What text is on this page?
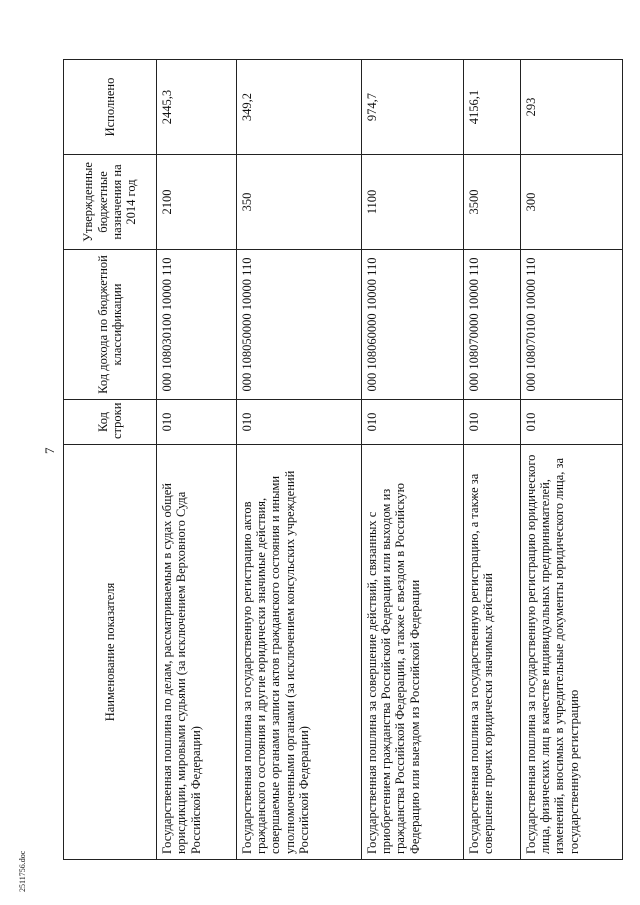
7
2511756.doc
Наименование показателя	Код строки	Код дохода по бюджетной классификации	Утвержденные бюджетные назначения на 2014 год	Исполнено
Государственная пошлина по делам, рассматриваемым в судах общей юрисдикции, мировыми судьями (за исключением Верховного Суда Российской Федерации)	010	000 108030100 10000 110	2100	2445,3
Государственная пошлина за государственную регистрацию актов гражданского состояния и другие юридически значимые действия, совершаемые органами записи актов гражданского состояния и иными уполномоченными органами (за исключением консульских учреждений Российской Федерации)	010	000 108050000 10000 110	350	349,2
Государственная пошлина за совершение действий, связанных с приобретением гражданства Российской Федерации или выходом из гражданства Российской Федерации, а также с въездом в Российскую Федерацию или выездом из Российской Федерации	010	000 108060000 10000 110	1100	974,7
Государственная пошлина за государственную регистрацию, а также за совершение прочих юридически значимых действий	010	000 108070000 10000 110	3500	4156,1
Государственная пошлина за государственную регистрацию юридического лица, физических лиц в качестве индивидуальных предпринимателей, изменений, вносимых в учредительные документы юридического лица, за государственную регистрацию	010	000 108070100 10000 110	300	293
